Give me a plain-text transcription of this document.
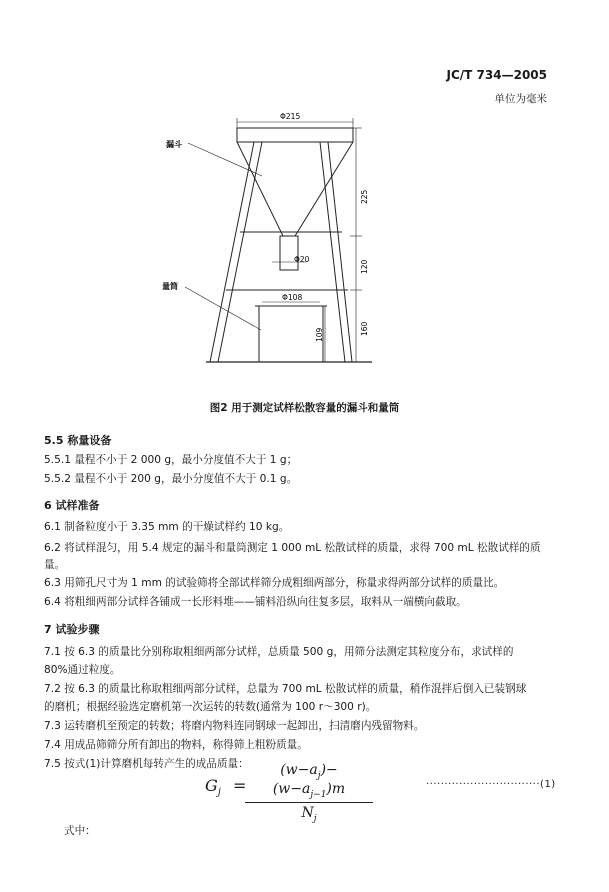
JC/T 734—2005
单位为毫米
漏斗
量筒
Φ215
225
Φ20
120
Φ108
109	160
图2 用于测定试样松散容量的漏斗和量筒
5.5 称量设备
5.5.1 量程不小于 2 000 g，最小分度值不大于 1 g；
5.5.2 量程不小于 200 g，最小分度值不大于 0.1 g。
6 试样准备
6.1 制备粒度小于 3.35 mm 的干燥试样约 10 kg。
6.2 将试样混匀，用 5.4 规定的漏斗和量筒测定 1 000 mL 松散试样的质量，求得 700 mL 松散试样的质
量。
6.3 用筛孔尺寸为 1 mm 的试验筛将全部试样筛分成粗细两部分，称量求得两部分试样的质量比。
6.4 将粗细两部分试样各铺成一长形料堆——铺料沿纵向往复多层，取料从一端横向截取。
7 试验步骤
7.1 按 6.3 的质量比分别称取粗细两部分试样，总质量 500 g，用筛分法测定其粒度分布，求试样的
80%通过粒度。
7.2 按 6.3 的质量比称取粗细两部分试样，总量为 700 mL 松散试样的质量，稍作混拌后倒入已装钢球
的磨机；根据经验选定磨机第一次运转的转数(通常为 100 r～300 r)。
7.3 运转磨机至预定的转数；将磨内物料连同钢球一起卸出，扫清磨内残留物料。
7.4 用成品筛筛分所有卸出的物料，称得筛上粗粉质量。
7.5 按式(1)计算磨机每转产生的成品质量：
$G_j$ =
$\frac{(w-a_j)-(w-a_{j-1})m}{N_j}$	·······························(1)
式中：
